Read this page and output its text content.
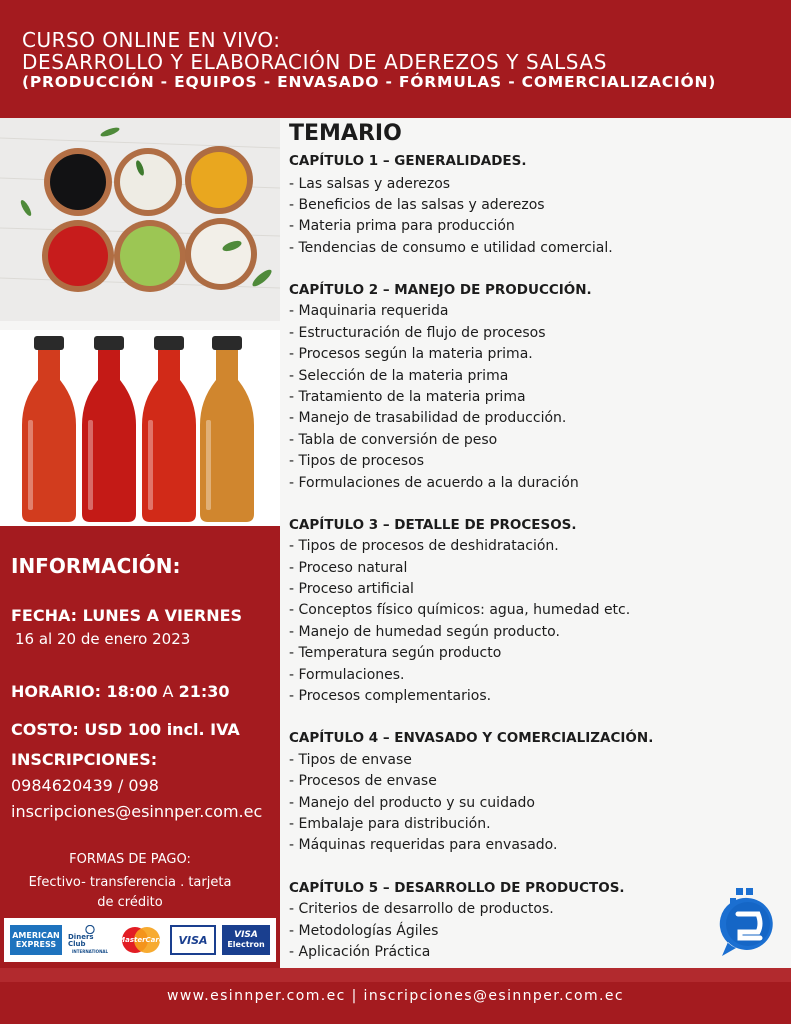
CURSO ONLINE EN VIVO:
DESARROLLO Y ELABORACIÓN DE ADEREZOS Y SALSAS
(PRODUCCIÓN - EQUIPOS - ENVASADO - FÓRMULAS - COMERCIALIZACIÓN)
INFORMACIÓN:
FECHA: LUNES A VIERNES
16 al 20 de enero 2023
HORARIO: 18:00 A 21:30
COSTO: USD 100 incl. IVA
INSCRIPCIONES:
0984620439 / 098
inscripciones@esinnper.com.ec
FORMAS DE PAGO:
Efectivo- transferencia . tarjeta
de crédito
AMERICAN
EXPRESS
Diners Club
INTERNATIONAL
MasterCard	VISA	VISA
Electron
TEMARIO
CAPÍTULO 1 – GENERALIDADES.
- Las salsas y aderezos
- Beneficios de las salsas y aderezos
- Materia prima para producción
- Tendencias de consumo e utilidad comercial.
CAPÍTULO 2 – MANEJO DE PRODUCCIÓN.
- Maquinaria requerida
- Estructuración de flujo de procesos
- Procesos según la materia prima.
- Selección de la materia prima
- Tratamiento de la materia prima
- Manejo de trasabilidad de producción.
- Tabla de conversión de peso
- Tipos de procesos
- Formulaciones de acuerdo a la duración
CAPÍTULO 3 – DETALLE DE PROCESOS.
- Tipos de procesos de deshidratación.
- Proceso natural
- Proceso artificial
- Conceptos físico químicos: agua, humedad etc.
- Manejo de humedad según producto.
- Temperatura según producto
- Formulaciones.
- Procesos complementarios.
CAPÍTULO 4 – ENVASADO Y COMERCIALIZACIÓN.
- Tipos de envase
- Procesos de envase
- Manejo del producto y su cuidado
- Embalaje para distribución.
- Máquinas requeridas para envasado.
CAPÍTULO 5 – DESARROLLO DE PRODUCTOS.
- Criterios de desarrollo de productos.
- Metodologías Ágiles
- Aplicación Práctica
www.esinnper.com.ec | inscripciones@esinnper.com.ec
